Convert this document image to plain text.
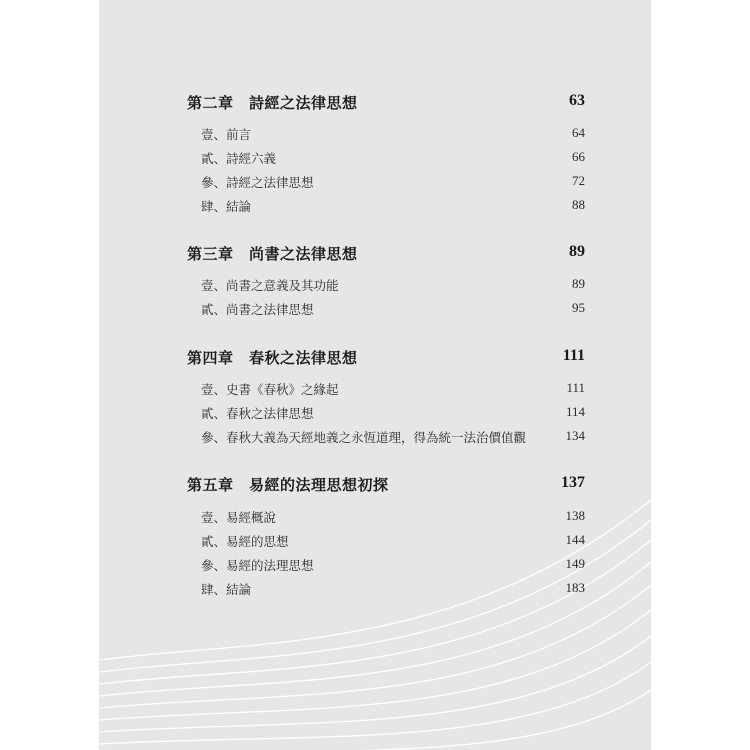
第二章　詩經之法律思想	63
壹、前言	64
貳、詩經六義	66
參、詩經之法律思想	72
肆、結論	88
第三章　尚書之法律思想	89
壹、尚書之意義及其功能	89
貳、尚書之法律思想	95
第四章　春秋之法律思想	111
壹、史書《春秋》之緣起	111
貳、春秋之法律思想	114
參、春秋大義為天經地義之永恆道理，得為統一法治價值觀	134
第五章　易經的法理思想初探	137
壹、易經概說	138
貳、易經的思想	144
參、易經的法理思想	149
肆、結論	183
